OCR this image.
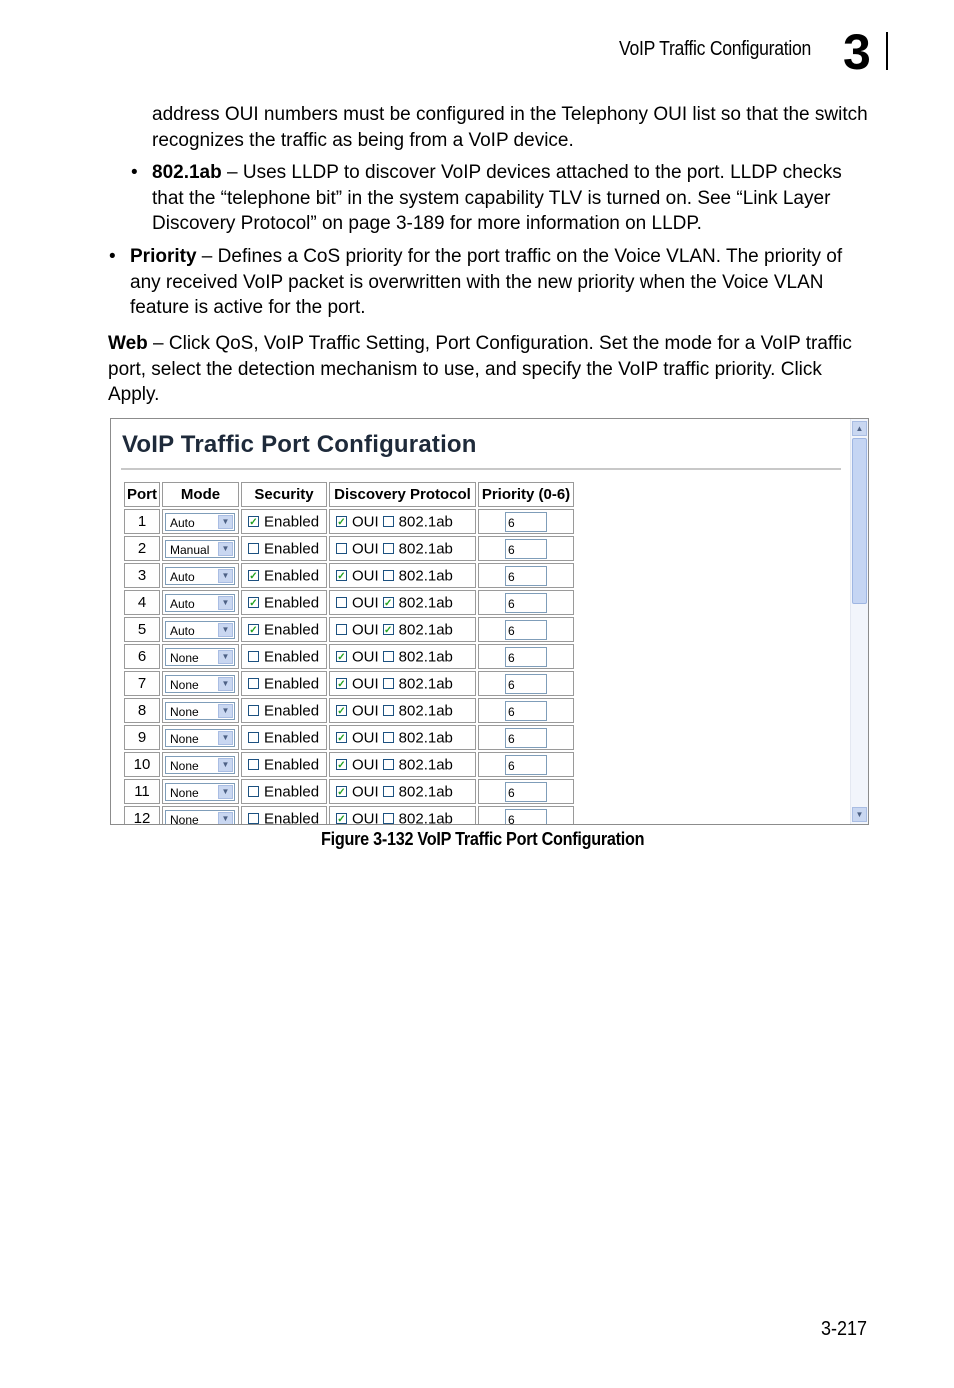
VoIP Traffic Configuration 3
address OUI numbers must be configured in the Telephony OUI list so that the switch recognizes the traffic as being from a VoIP device.
• 802.1ab – Uses LLDP to discover VoIP devices attached to the port. LLDP checks that the “telephone bit” in the system capability TLV is turned on. See “Link Layer Discovery Protocol” on page 3-189 for more information on LLDP.
• Priority – Defines a CoS priority for the port traffic on the Voice VLAN. The priority of any received VoIP packet is overwritten with the new priority when the Voice VLAN feature is active for the port.
Web – Click QoS, VoIP Traffic Setting, Port Configuration. Set the mode for a VoIP traffic port, select the detection mechanism to use, and specify the VoIP traffic priority. Click Apply.
VoIP Traffic Port Configuration
Port	Mode	Security	Discovery Protocol	Priority (0-6)
1	Auto ▼	✓ Enabled	✓ OUI 802.1ab	6
2	Manual ▼	Enabled	OUI 802.1ab	6
3	Auto ▼	✓ Enabled	✓ OUI 802.1ab	6
4	Auto ▼	✓ Enabled	OUI ✓ 802.1ab	6
5	Auto ▼	✓ Enabled	OUI ✓ 802.1ab	6
6	None ▼	Enabled	✓ OUI 802.1ab	6
7	None ▼	Enabled	✓ OUI 802.1ab	6
8	None ▼	Enabled	✓ OUI 802.1ab	6
9	None ▼	Enabled	✓ OUI 802.1ab	6
10	None ▼	Enabled	✓ OUI 802.1ab	6
11	None ▼	Enabled	✓ OUI 802.1ab	6
12	None ▼	Enabled	✓ OUI 802.1ab	6
▲
▼
Figure 3-132 VoIP Traffic Port Configuration
3-217
